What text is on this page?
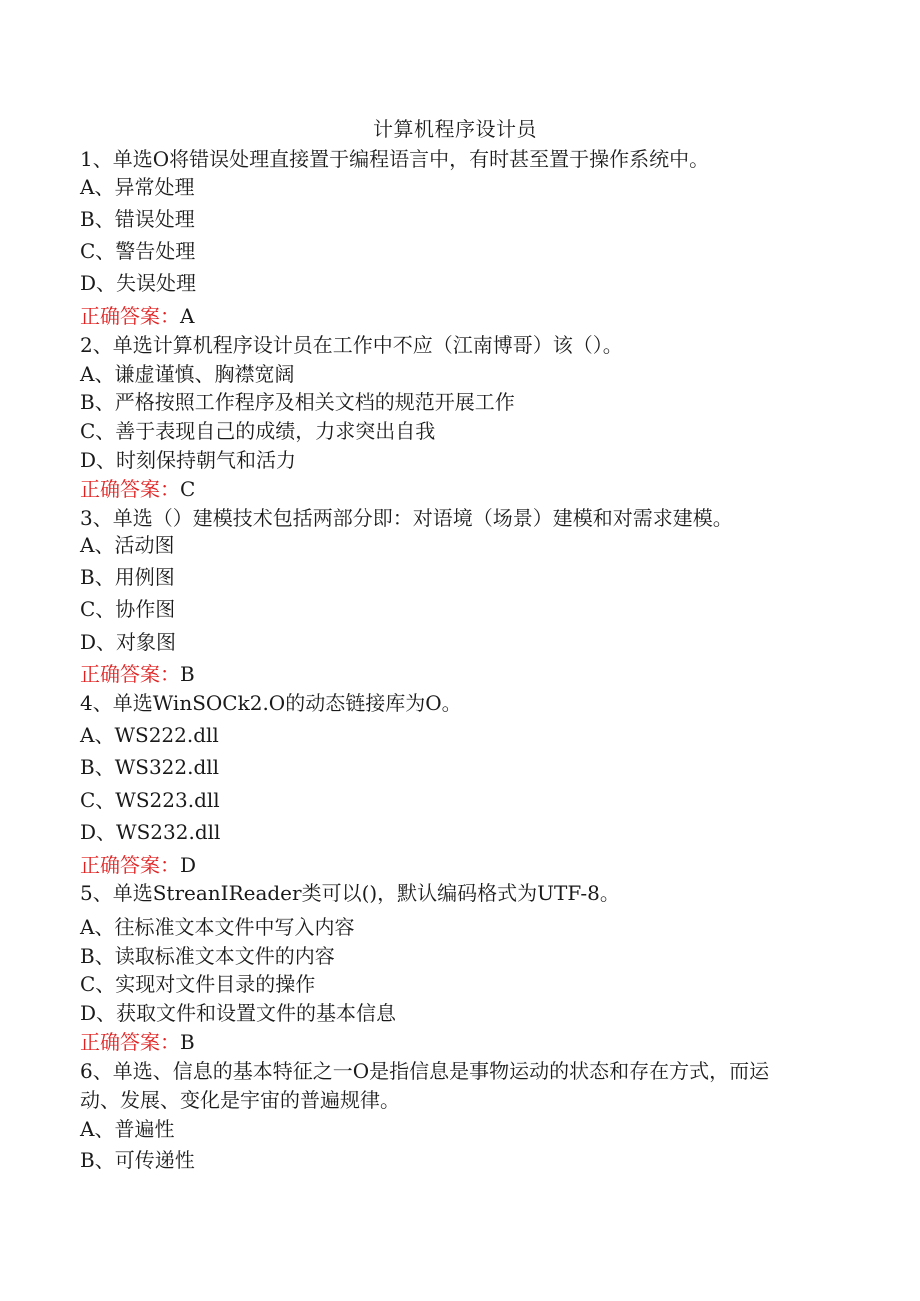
计算机程序设计员
1、单选O将错误处理直接置于编程语言中，有时甚至置于操作系统中。
A、异常处理
B、错误处理
C、警告处理
D、失误处理
正确答案：A
2、单选计算机程序设计员在工作中不应（江南博哥）该（）。
A、谦虚谨慎、胸襟宽阔
B、严格按照工作程序及相关文档的规范开展工作
C、善于表现自己的成绩，力求突出自我
D、时刻保持朝气和活力
正确答案：C
3、单选（）建模技术包括两部分即：对语境（场景）建模和对需求建模。
A、活动图
B、用例图
C、协作图
D、对象图
正确答案：B
4、单选WinSOCk2.O的动态链接库为O。
A、WS222.dll
B、WS322.dll
C、WS223.dll
D、WS232.dll
正确答案：D
5、单选StreanIReader类可以()，默认编码格式为UTF-8。
A、往标准文本文件中写入内容
B、读取标准文本文件的内容
C、实现对文件目录的操作
D、获取文件和设置文件的基本信息
正确答案：B
6、单选、信息的基本特征之一O是指信息是事物运动的状态和存在方式，而运
动、发展、变化是宇宙的普遍规律。
A、普遍性
B、可传递性
